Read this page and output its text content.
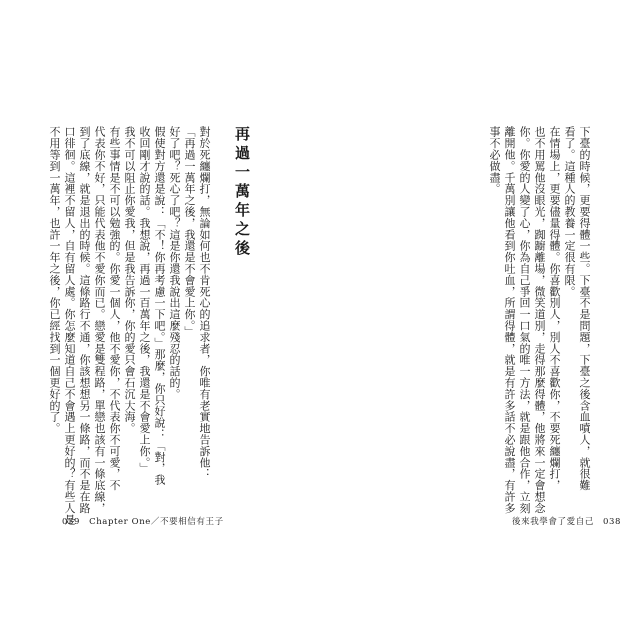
再過一萬年之後
對於死纏爛打，無論如何也不肯死心的追求者，你唯有老實地告訴他：
「再過一萬年之後，我還是不會愛上你。」
好了吧？死心了吧？這是你還我說出這麼殘忍的話的。
假使對方還是說：「不！你再考慮一下吧。」那麼，你只好說：「對，我
收回剛才說的話。我想說，再過一百萬年之後，我還是不會愛上你。」
我不可以阻止你愛我，但是我告訴你，你的愛只會石沉大海。
有些事情是不可以勉強的。你愛一個人，他不愛你，不代表你不可愛，不
代表你不好，只能代表他不愛你而已。戀愛是雙程路，單戀也該有一條底線，
到了底線，就是退出的時候。這條路行不通，你該想想另一條路，而不是在路
口徘徊。這裡不留人，自有留人處。你怎麼知道自己不會遇上更好的？有些人是
不用等到一萬年，也許一年之後，你已經找到一個更好的了。
039　Chapter One／不要相信有王子
下臺的時候，更要得體一些。下臺不是問題，下臺之後含血噴人，就很難
看了。這種人的教養一定很有限。
在情場上，更要儘量得體。你喜歡別人，別人不喜歡你，不要死纏爛打，
也不用罵他沒眼光，踟躕離場，微笑道別，走得那麼得體，他將來一定會想念
你。你愛的人變了心，你為自己爭回一口氣的唯一方法，就是跟他合作，立刻
離開他。千萬別讓他看到你吐血，所謂得體，就是有許多話不必說盡，有許多
事不必做盡。
後來我學會了愛自己　038
